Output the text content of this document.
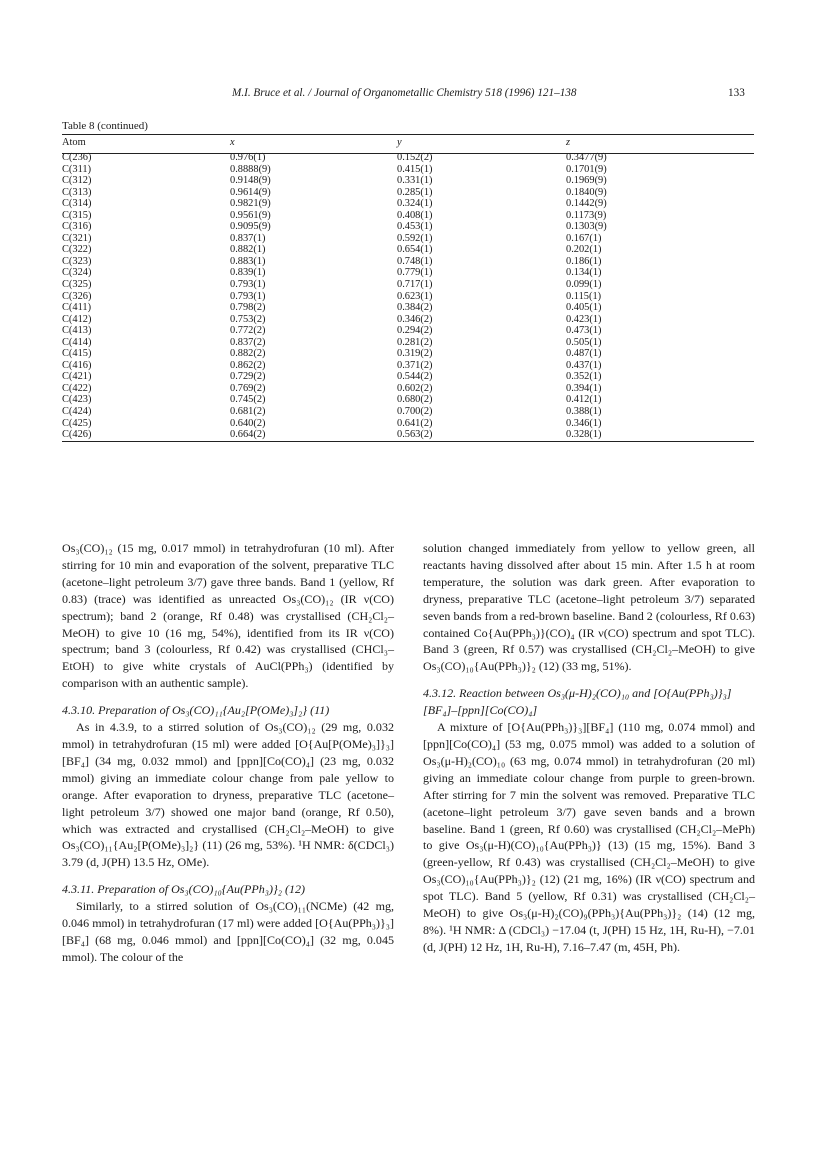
M.I. Bruce et al. / Journal of Organometallic Chemistry 518 (1996) 121–138	133
Table 8 (continued)
Atom	x	y	z
C(236)	0.976(1)	0.152(2)	0.3477(9)
C(311)	0.8888(9)	0.415(1)	0.1701(9)
C(312)	0.9148(9)	0.331(1)	0.1969(9)
C(313)	0.9614(9)	0.285(1)	0.1840(9)
C(314)	0.9821(9)	0.324(1)	0.1442(9)
C(315)	0.9561(9)	0.408(1)	0.1173(9)
C(316)	0.9095(9)	0.453(1)	0.1303(9)
C(321)	0.837(1)	0.592(1)	0.167(1)
C(322)	0.882(1)	0.654(1)	0.202(1)
C(323)	0.883(1)	0.748(1)	0.186(1)
C(324)	0.839(1)	0.779(1)	0.134(1)
C(325)	0.793(1)	0.717(1)	0.099(1)
C(326)	0.793(1)	0.623(1)	0.115(1)
C(411)	0.798(2)	0.384(2)	0.405(1)
C(412)	0.753(2)	0.346(2)	0.423(1)
C(413)	0.772(2)	0.294(2)	0.473(1)
C(414)	0.837(2)	0.281(2)	0.505(1)
C(415)	0.882(2)	0.319(2)	0.487(1)
C(416)	0.862(2)	0.371(2)	0.437(1)
C(421)	0.729(2)	0.544(2)	0.352(1)
C(422)	0.769(2)	0.602(2)	0.394(1)
C(423)	0.745(2)	0.680(2)	0.412(1)
C(424)	0.681(2)	0.700(2)	0.388(1)
C(425)	0.640(2)	0.641(2)	0.346(1)
C(426)	0.664(2)	0.563(2)	0.328(1)

Os₃(CO)₁₂ (15 mg, 0.017 mmol) in tetrahydrofuran (10 ml). After stirring for 10 min and evaporation of the solvent, preparative TLC (acetone–light petroleum 3/7) gave three bands. Band 1 (yellow, Rf 0.83) (trace) was identified as unreacted Os₃(CO)₁₂ (IR ν(CO) spectrum); band 2 (orange, Rf 0.48) was crystallised (CH₂Cl₂–MeOH) to give 10 (16 mg, 54%), identified from its IR ν(CO) spectrum; band 3 (colourless, Rf 0.42) was crystallised (CHCl₃–EtOH) to give white crystals of AuCl(PPh₃) (identified by comparison with an authentic sample).

4.3.10. Preparation of Os₃(CO)₁₁{Au₂[P(OMe)₃]₂} (11)

As in 4.3.9, to a stirred solution of Os₃(CO)₁₂ (29 mg, 0.032 mmol) in tetrahydrofuran (15 ml) were added [O{Au[P(OMe)₃]}₃][BF₄] (34 mg, 0.032 mmol) and [ppn][Co(CO)₄] (23 mg, 0.032 mmol) giving an immediate colour change from pale yellow to orange. After evaporation to dryness, preparative TLC (acetone–light petroleum 3/7) showed one major band (orange, Rf 0.50), which was extracted and crystallised (CH₂Cl₂–MeOH) to give Os₃(CO)₁₁{Au₂[P(OMe)₃]₂} (11) (26 mg, 53%). ¹H NMR: δ(CDCl₃) 3.79 (d, J(PH) 13.5 Hz, OMe).

4.3.11. Preparation of Os₃(CO)₁₀{Au(PPh₃)}₂ (12)

Similarly, to a stirred solution of Os₃(CO)₁₁(NCMe) (42 mg, 0.046 mmol) in tetrahydrofuran (17 ml) were added [O{Au(PPh₃)}₃][BF₄] (68 mg, 0.046 mmol) and [ppn][Co(CO)₄] (32 mg, 0.045 mmol). The colour of the

solution changed immediately from yellow to yellow green, all reactants having dissolved after about 15 min. After 1.5 h at room temperature, the solution was dark green. After evaporation to dryness, preparative TLC (acetone–light petroleum 3/7) separated seven bands from a red-brown baseline. Band 2 (colourless, Rf 0.63) contained Co{Au(PPh₃)}(CO)₄ (IR ν(CO) spectrum and spot TLC). Band 3 (green, Rf 0.57) was crystallised (CH₂Cl₂–MeOH) to give Os₃(CO)₁₀{Au(PPh₃)}₂ (12) (33 mg, 51%).

4.3.12. Reaction between Os₃(μ-H)₂(CO)₁₀ and [O{Au(PPh₃)}₃][BF₄]–[ppn][Co(CO)₄]

A mixture of [O{Au(PPh₃)}₃][BF₄] (110 mg, 0.074 mmol) and [ppn][Co(CO)₄] (53 mg, 0.075 mmol) was added to a solution of Os₃(μ-H)₂(CO)₁₀ (63 mg, 0.074 mmol) in tetrahydrofuran (20 ml) giving an immediate colour change from purple to green-brown. After stirring for 7 min the solvent was removed. Preparative TLC (acetone–light petroleum 3/7) gave seven bands and a brown baseline. Band 1 (green, Rf 0.60) was crystallised (CH₂Cl₂–MePh) to give Os₃(μ-H)(CO)₁₀{Au(PPh₃)} (13) (15 mg, 15%). Band 3 (green-yellow, Rf 0.43) was crystallised (CH₂Cl₂–MeOH) to give Os₃(CO)₁₀{Au(PPh₃)}₂ (12) (21 mg, 16%) (IR ν(CO) spectrum and spot TLC). Band 5 (yellow, Rf 0.31) was crystallised (CH₂Cl₂–MeOH) to give Os₃(μ-H)₂(CO)₉(PPh₃){Au(PPh₃)}₂ (14) (12 mg, 8%). ¹H NMR: Δ (CDCl₃) −17.04 (t, J(PH) 15 Hz, 1H, Ru-H), −7.01 (d, J(PH) 12 Hz, 1H, Ru-H), 7.16–7.47 (m, 45H, Ph).
